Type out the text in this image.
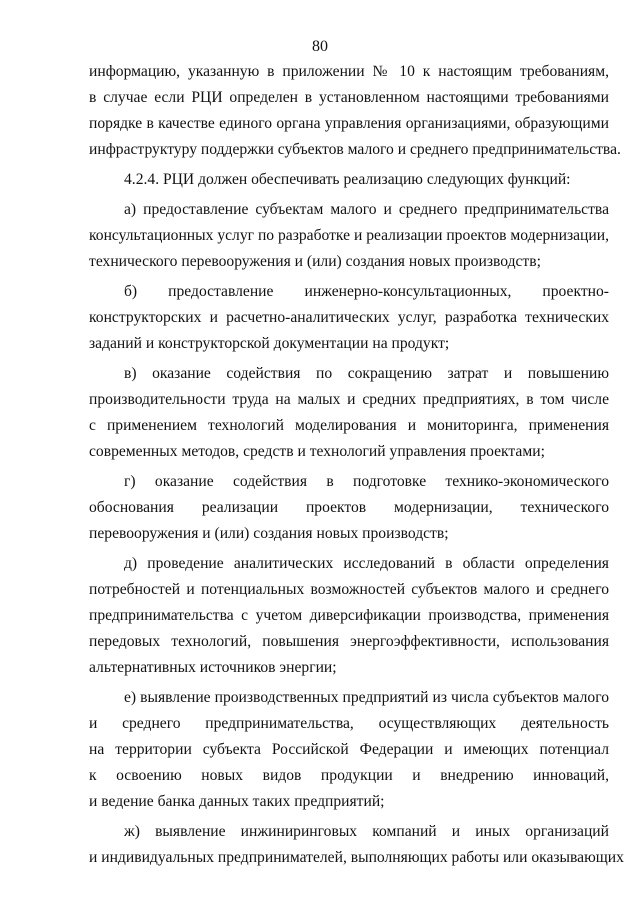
80

информацию, указанную в приложении № 10 к настоящим требованиям,
в случае если РЦИ определен в установленном настоящими требованиями
порядке в качестве единого органа управления организациями, образующими
инфраструктуру поддержки субъектов малого и среднего предпринимательства.

4.2.4. РЦИ должен обеспечивать реализацию следующих функций:

а) предоставление субъектам малого и среднего предпринимательства
консультационных услуг по разработке и реализации проектов модернизации,
технического перевооружения и (или) создания новых производств;

б) предоставление инженерно-консультационных, проектно-
конструкторских и расчетно-аналитических услуг, разработка технических
заданий и конструкторской документации на продукт;

в) оказание содействия по сокращению затрат и повышению
производительности труда на малых и средних предприятиях, в том числе
с применением технологий моделирования и мониторинга, применения
современных методов, средств и технологий управления проектами;

г) оказание содействия в подготовке технико-экономического
обоснования реализации проектов модернизации, технического
перевооружения и (или) создания новых производств;

д) проведение аналитических исследований в области определения
потребностей и потенциальных возможностей субъектов малого и среднего
предпринимательства с учетом диверсификации производства, применения
передовых технологий, повышения энергоэффективности, использования
альтернативных источников энергии;

е) выявление производственных предприятий из числа субъектов малого
и среднего предпринимательства, осуществляющих деятельность
на территории субъекта Российской Федерации и имеющих потенциал
к освоению новых видов продукции и внедрению инноваций,
и ведение банка данных таких предприятий;

ж) выявление инжиниринговых компаний и иных организаций
и индивидуальных предпринимателей, выполняющих работы или оказывающих
